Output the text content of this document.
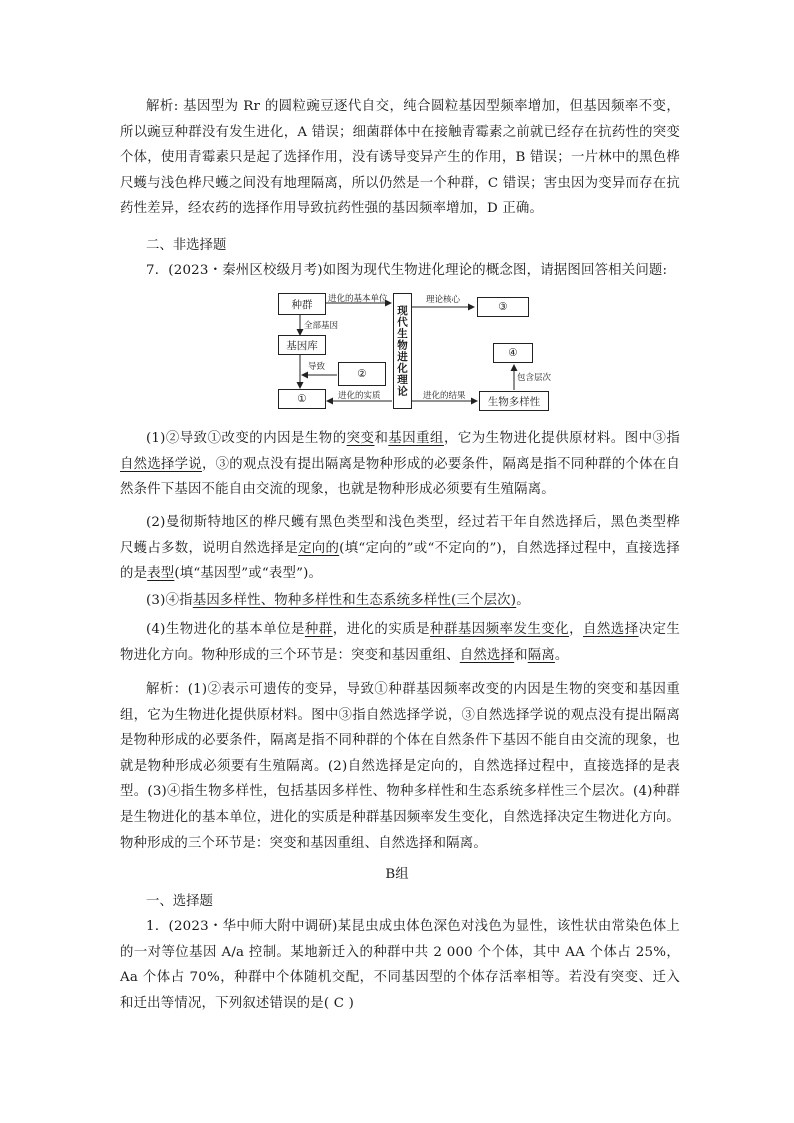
解析: 基因型为 Rr 的圆粒豌豆逐代自交，纯合圆粒基因型频率增加，但基因频率不变，所以豌豆种群没有发生进化，A 错误；细菌群体中在接触青霉素之前就已经存在抗药性的突变个体，使用青霉素只是起了选择作用，没有诱导变异产生的作用，B 错误；一片林中的黑色桦尺蠖与浅色桦尺蠖之间没有地理隔离，所以仍然是一个种群，C 错误；害虫因为变异而存在抗药性差异，经农药的选择作用导致抗药性强的基因频率增加，D 正确。

二、非选择题

7．(2023・秦州区校级月考)如图为现代生物进化理论的概念图，请据图回答相关问题:

种群
基因库
①
②	现代生物进化理论	③
④
生物多样性
进化的基本单位
全部基因
导致
进化的实质
理论核心
进化的结果
包含层次

(1)②导致①改变的内因是生物的突变和基因重组，它为生物进化提供原材料。图中③指自然选择学说，③的观点没有提出隔离是物种形成的必要条件，隔离是指不同种群的个体在自然条件下基因不能自由交流的现象，也就是物种形成必须要有生殖隔离。

(2)曼彻斯特地区的桦尺蠖有黑色类型和浅色类型，经过若干年自然选择后，黑色类型桦尺蠖占多数，说明自然选择是定向的(填“定向的”或“不定向的”)，自然选择过程中，直接选择的是表型(填“基因型”或“表型”)。

(3)④指基因多样性、物种多样性和生态系统多样性(三个层次)。

(4)生物进化的基本单位是种群，进化的实质是种群基因频率发生变化，自然选择决定生物进化方向。物种形成的三个环节是：突变和基因重组、自然选择和隔离。

解析：(1)②表示可遗传的变异，导致①种群基因频率改变的内因是生物的突变和基因重组，它为生物进化提供原材料。图中③指自然选择学说，③自然选择学说的观点没有提出隔离是物种形成的必要条件，隔离是指不同种群的个体在自然条件下基因不能自由交流的现象，也就是物种形成必须要有生殖隔离。(2)自然选择是定向的，自然选择过程中，直接选择的是表型。(3)④指生物多样性，包括基因多样性、物种多样性和生态系统多样性三个层次。(4)种群是生物进化的基本单位，进化的实质是种群基因频率发生变化，自然选择决定生物进化方向。物种形成的三个环节是：突变和基因重组、自然选择和隔离。

B组

一、选择题

1．(2023・华中师大附中调研)某昆虫成虫体色深色对浅色为显性，该性状由常染色体上的一对等位基因 A/a 控制。某地新迁入的种群中共 2 000 个个体，其中 AA 个体占 25%，Aa 个体占 70%，种群中个体随机交配，不同基因型的个体存活率相等。若没有突变、迁入和迁出等情况，下列叙述错误的是( C )
